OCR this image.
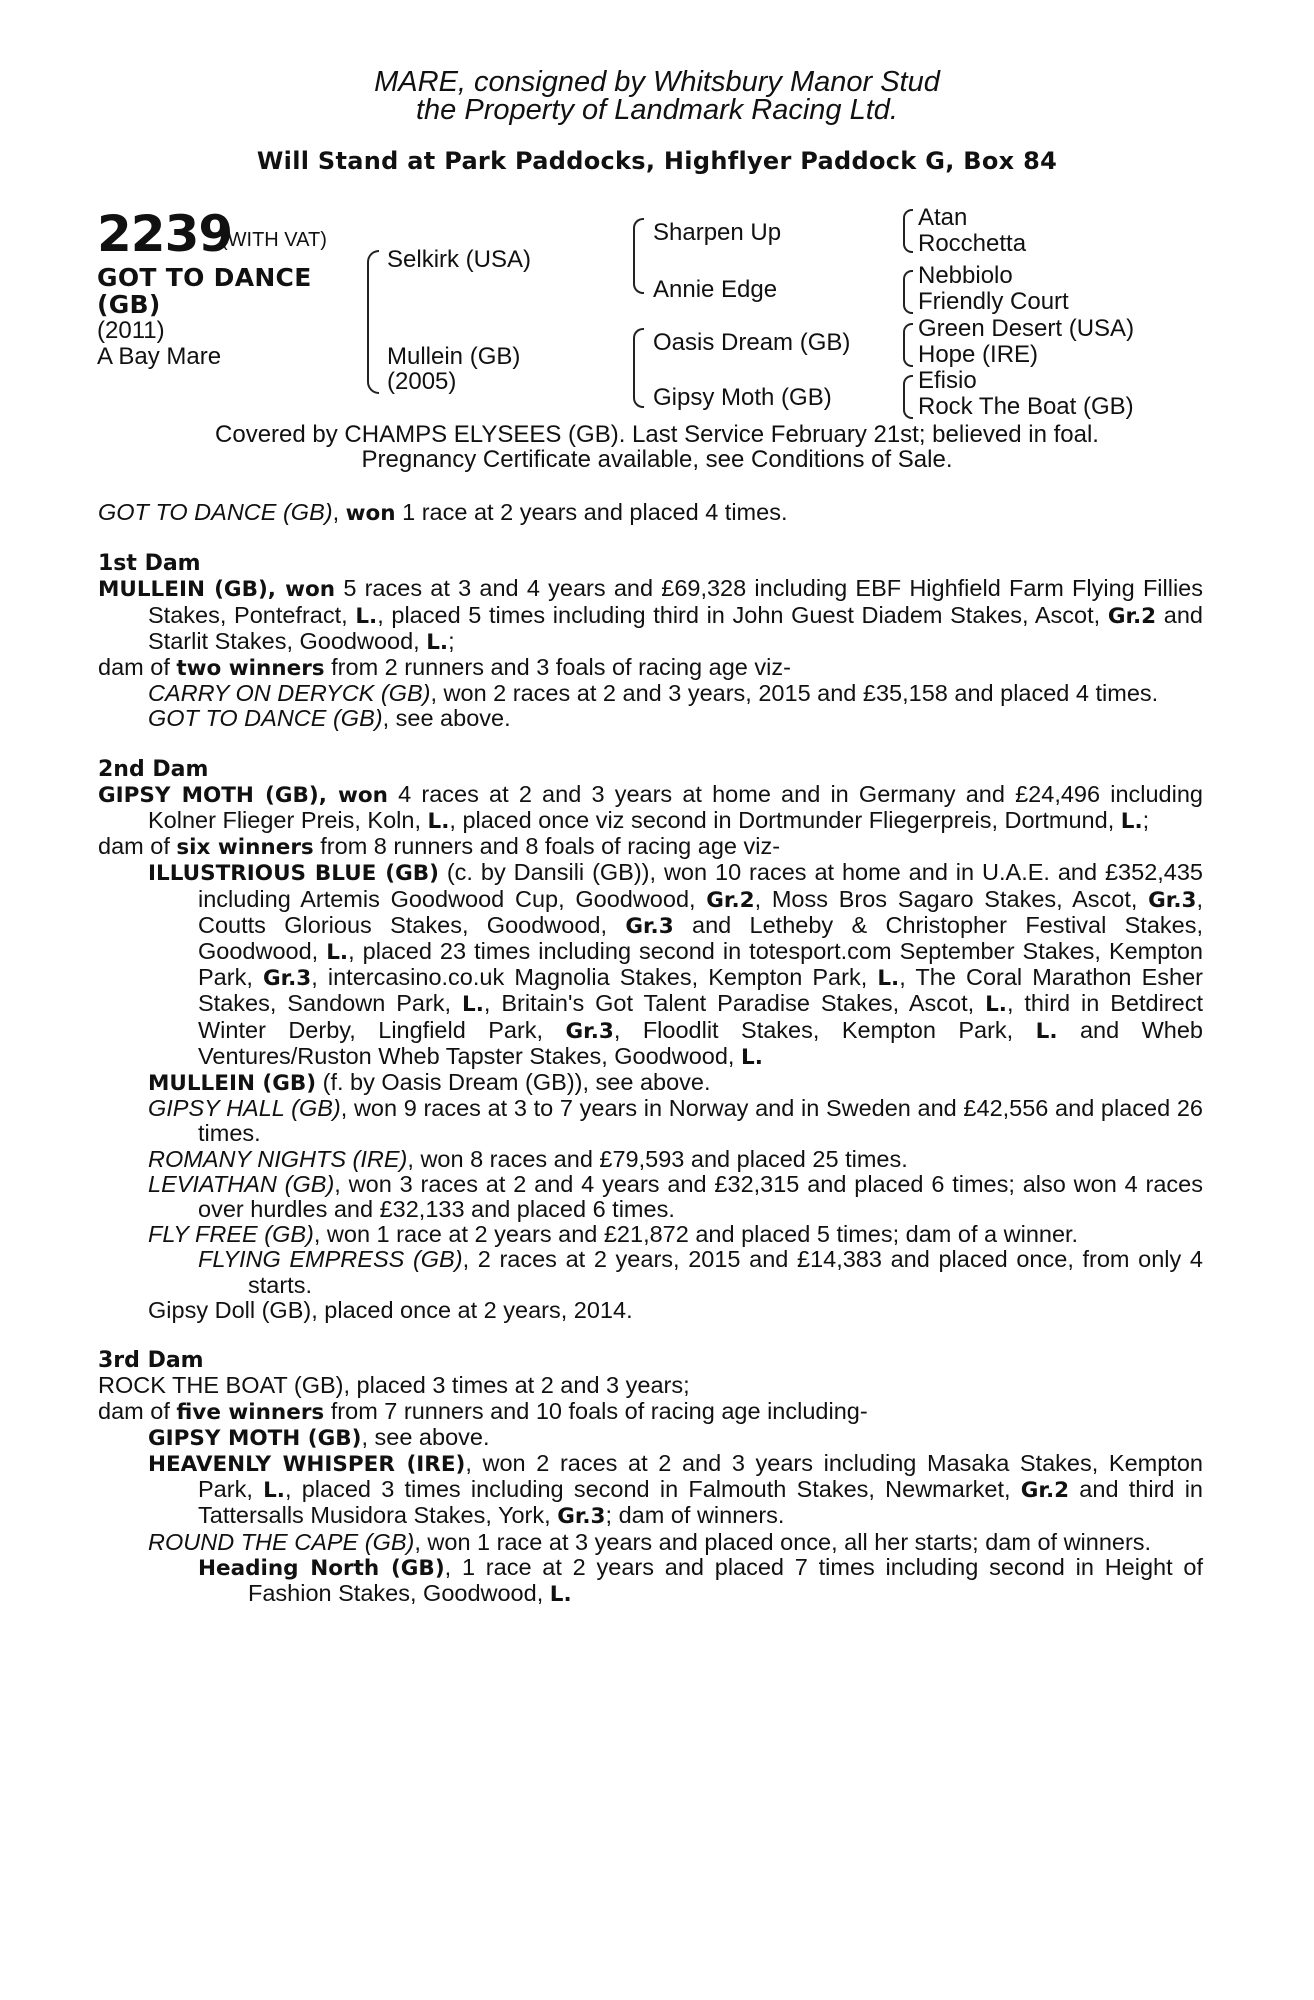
MARE, consigned by Whitsbury Manor Stud
the Property of Landmark Racing Ltd.
Will Stand at Park Paddocks, Highflyer Paddock G, Box 84
2239
(WITH VAT)
GOT TO DANCE
(GB)
(2011)
A Bay Mare
Selkirk (USA)
Mullein (GB)
(2005)
Sharpen Up
Annie Edge
Oasis Dream (GB)
Gipsy Moth (GB)
Atan
Rocchetta
Nebbiolo
Friendly Court
Green Desert (USA)
Hope (IRE)
Efisio
Rock The Boat (GB)
Covered by CHAMPS ELYSEES (GB). Last Service February 21st; believed in foal.
Pregnancy Certificate available, see Conditions of Sale.

GOT TO DANCE (GB), won 1 race at 2 years and placed 4 times.

1st Dam

MULLEIN (GB), won 5 races at 3 and 4 years and £69,328 including EBF Highfield Farm Flying Fillies Stakes, Pontefract, L., placed 5 times including third in John Guest Diadem Stakes, Ascot, Gr.2 and Starlit Stakes, Goodwood, L.;

dam of two winners from 2 runners and 3 foals of racing age viz-

CARRY ON DERYCK (GB), won 2 races at 2 and 3 years, 2015 and £35,158 and placed 4 times.

GOT TO DANCE (GB), see above.

2nd Dam

GIPSY MOTH (GB), won 4 races at 2 and 3 years at home and in Germany and £24,496 including Kolner Flieger Preis, Koln, L., placed once viz second in Dortmunder Fliegerpreis, Dortmund, L.;

dam of six winners from 8 runners and 8 foals of racing age viz-

ILLUSTRIOUS BLUE (GB) (c. by Dansili (GB)), won 10 races at home and in U.A.E. and £352,435 including Artemis Goodwood Cup, Goodwood, Gr.2, Moss Bros Sagaro Stakes, Ascot, Gr.3, Coutts Glorious Stakes, Goodwood, Gr.3 and Letheby & Christopher Festival Stakes, Goodwood, L., placed 23 times including second in totesport.com September Stakes, Kempton Park, Gr.3, intercasino.co.uk Magnolia Stakes, Kempton Park, L., The Coral Marathon Esher Stakes, Sandown Park, L., Britain's Got Talent Paradise Stakes, Ascot, L., third in Betdirect Winter Derby, Lingfield Park, Gr.3, Floodlit Stakes, Kempton Park, L. and Wheb Ventures/Ruston Wheb Tapster Stakes, Goodwood, L.

MULLEIN (GB) (f. by Oasis Dream (GB)), see above.

GIPSY HALL (GB), won 9 races at 3 to 7 years in Norway and in Sweden and £42,556 and placed 26 times.

ROMANY NIGHTS (IRE), won 8 races and £79,593 and placed 25 times.

LEVIATHAN (GB), won 3 races at 2 and 4 years and £32,315 and placed 6 times; also won 4 races over hurdles and £32,133 and placed 6 times.

FLY FREE (GB), won 1 race at 2 years and £21,872 and placed 5 times; dam of a winner.

FLYING EMPRESS (GB), 2 races at 2 years, 2015 and £14,383 and placed once, from only 4 starts.

Gipsy Doll (GB), placed once at 2 years, 2014.

3rd Dam

ROCK THE BOAT (GB), placed 3 times at 2 and 3 years;

dam of five winners from 7 runners and 10 foals of racing age including-

GIPSY MOTH (GB), see above.

HEAVENLY WHISPER (IRE), won 2 races at 2 and 3 years including Masaka Stakes, Kempton Park, L., placed 3 times including second in Falmouth Stakes, Newmarket, Gr.2 and third in Tattersalls Musidora Stakes, York, Gr.3; dam of winners.

ROUND THE CAPE (GB), won 1 race at 3 years and placed once, all her starts; dam of winners.

Heading North (GB), 1 race at 2 years and placed 7 times including second in Height of Fashion Stakes, Goodwood, L.
